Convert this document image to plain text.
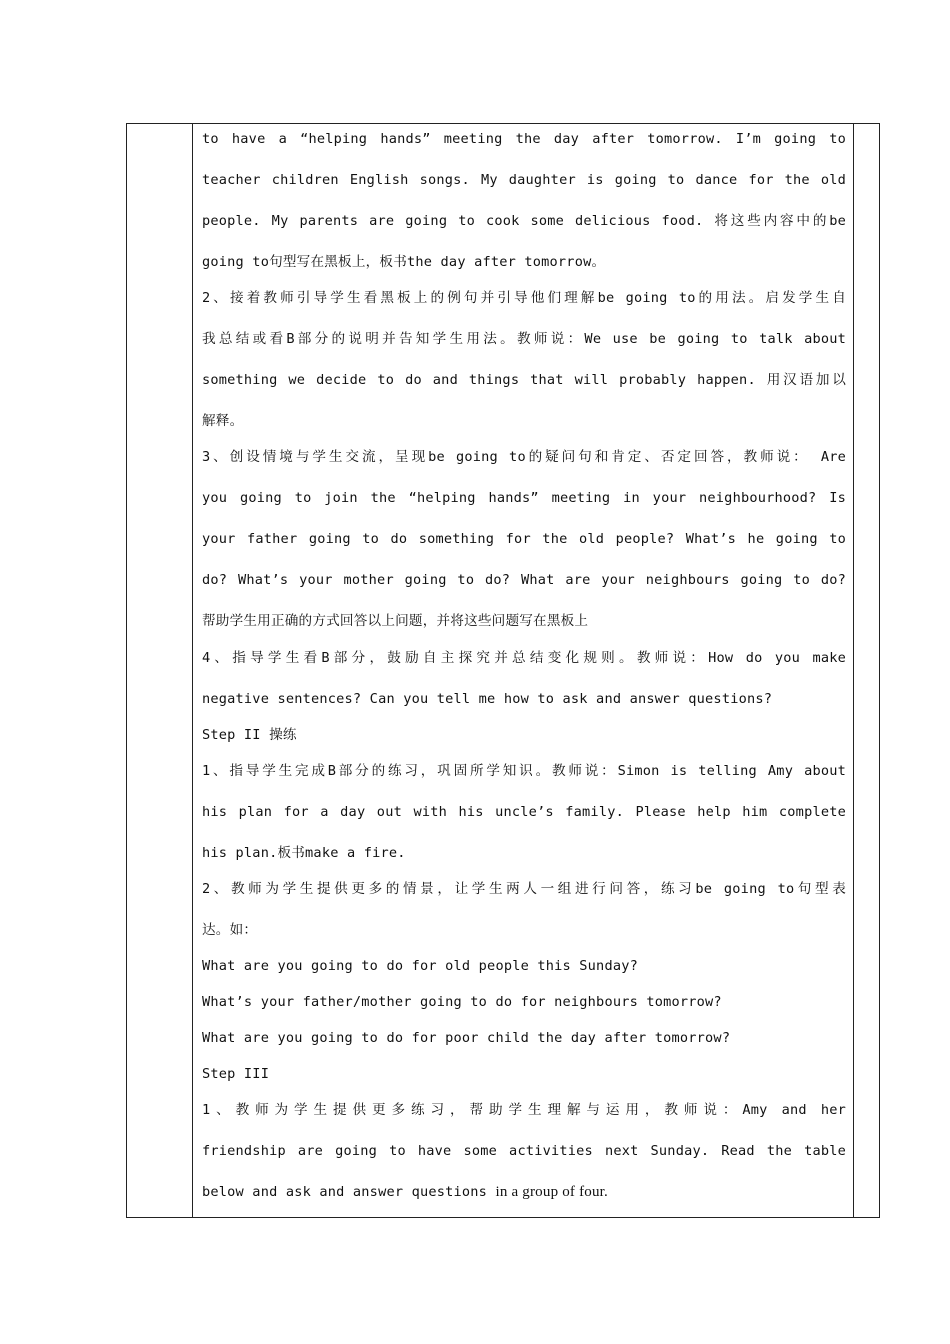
below and ask and answer questions in a group of four.
to have a “helping hands” meeting the day after tomorrow. I’m going to
teacher children English songs. My daughter is going to dance for the old
people. My parents are going to cook some delicious food. 将这些内容中的be
going to句型写在黑板上，板书the day after tomorrow。
2、接着教师引导学生看黑板上的例句并引导他们理解be going to的用法。启发学生自
我总结或看B部分的说明并告知学生用法。教师说：We use be going to talk about
something we decide to do and things that will probably happen. 用汉语加以
解释。
3、创设情境与学生交流，呈现be going to的疑问句和肯定、否定回答，教师说： Are
you going to join the “helping hands” meeting in your neighbourhood? Is
your father going to do something for the old people? What’s he going to
do? What’s your mother going to do? What are your neighbours going to do?
帮助学生用正确的方式回答以上问题，并将这些问题写在黑板上
4、指导学生看B部分，鼓励自主探究并总结变化规则。教师说：How do you make
negative sentences? Can you tell me how to ask and answer questions?
Step II 操练
1、指导学生完成B部分的练习，巩固所学知识。教师说：Simon is telling Amy about
his plan for a day out with his uncle’s family. Please help him complete
his plan.板书make a fire.
2、教师为学生提供更多的情景，让学生两人一组进行问答，练习be going to句型表
达。如：
What are you going to do for old people this Sunday?
What’s your father/mother going to do for neighbours tomorrow?
What are you going to do for poor child the day after tomorrow?
Step III
1、教师为学生提供更多练习，帮助学生理解与运用，教师说：Amy and her
friendship are going to have some activities next Sunday. Read the table
